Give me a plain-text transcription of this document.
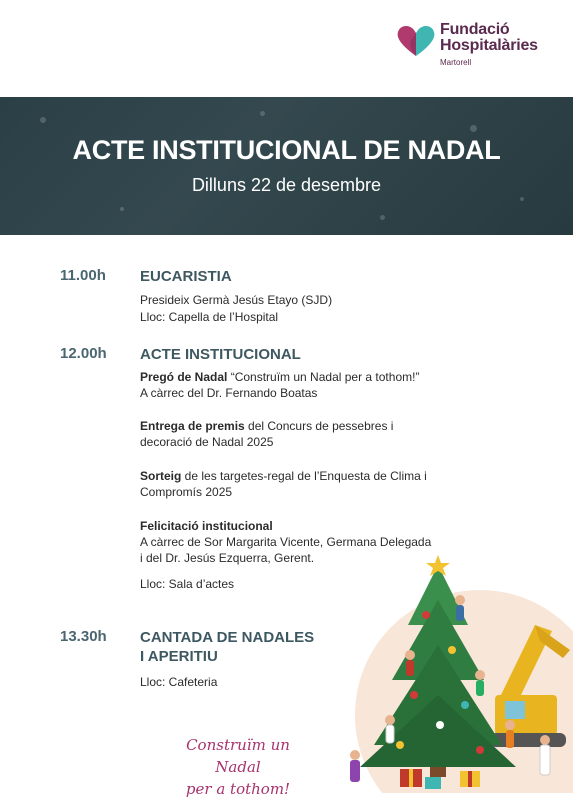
Fundació
Hospitalàries
Martorell
ACTE INSTITUCIONAL DE NADAL
Dilluns 22 de desembre
11.00h EUCARISTIA
Presideix Germà Jesús Etayo (SJD)
Lloc: Capella de l’Hospital
12.00h ACTE INSTITUCIONAL
Pregó de Nadal “Construïm un Nadal per a tothom!”
A càrrec del Dr. Fernando Boatas
Entrega de premis del Concurs de pessebres i
decoració de Nadal 2025
Sorteig de les targetes-regal de l’Enquesta de Clima i
Compromís 2025
Felicitació institucional
A càrrec de Sor Margarita Vicente, Germana Delegada
i del Dr. Jesús Ezquerra, Gerent.
Lloc: Sala d’actes
13.30h CANTADA DE NADALES
I APERITIU
Lloc: Cafeteria
Construïm un Nadal
per a tothom!
